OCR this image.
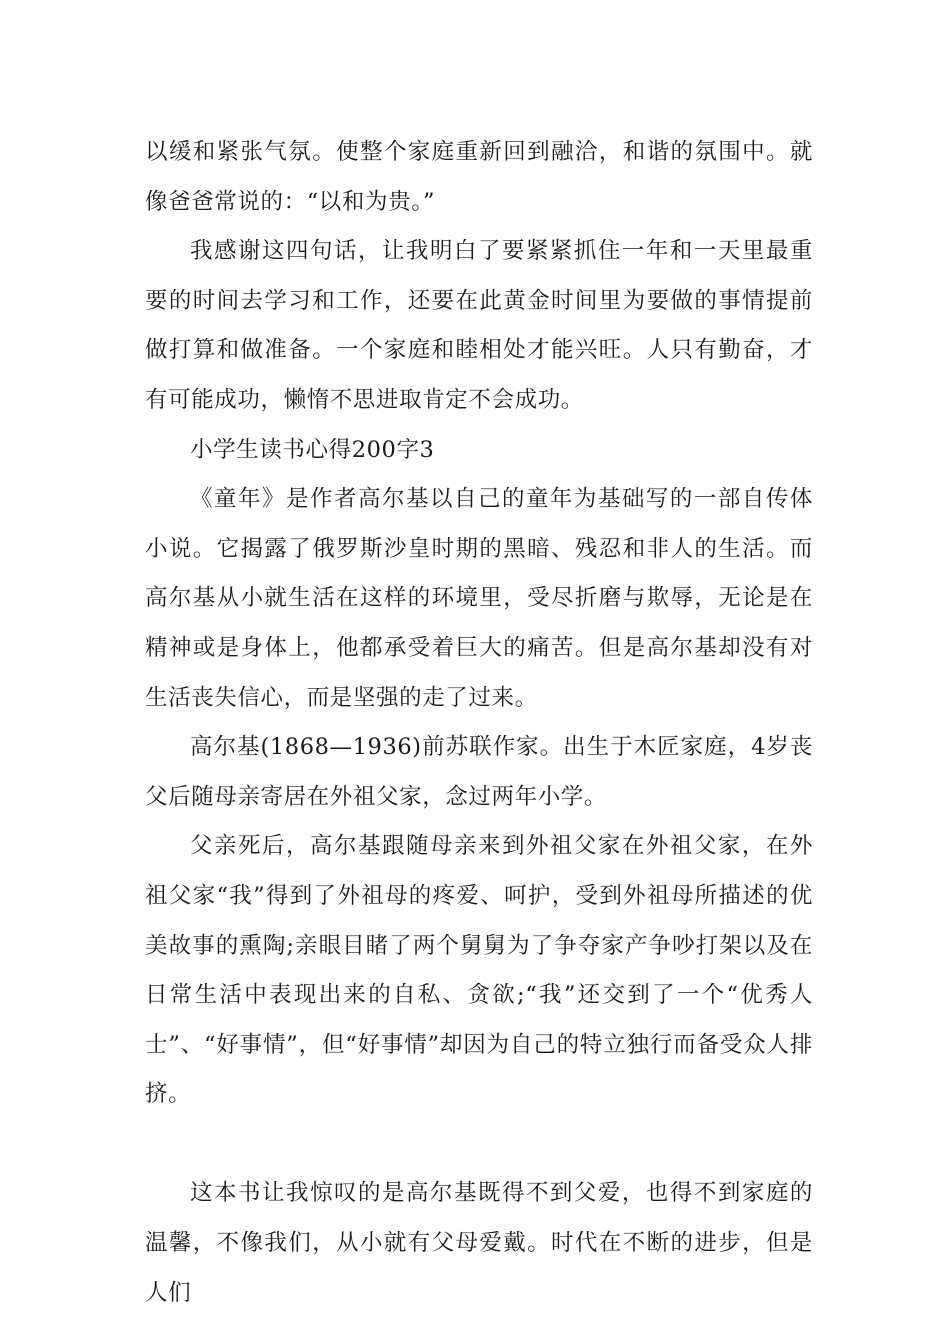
以缓和紧张气氛。使整个家庭重新回到融洽，和谐的氛围中。就像爸爸常说的：“以和为贵。”

我感谢这四句话，让我明白了要紧紧抓住一年和一天里最重要的时间去学习和工作，还要在此黄金时间里为要做的事情提前做打算和做准备。一个家庭和睦相处才能兴旺。人只有勤奋，才有可能成功，懒惰不思进取肯定不会成功。

小学生读书心得200字3

《童年》是作者高尔基以自己的童年为基础写的一部自传体小说。它揭露了俄罗斯沙皇时期的黑暗、残忍和非人的生活。而高尔基从小就生活在这样的环境里，受尽折磨与欺辱，无论是在精神或是身体上，他都承受着巨大的痛苦。但是高尔基却没有对生活丧失信心，而是坚强的走了过来。

高尔基(1868—1936)前苏联作家。出生于木匠家庭，4岁丧父后随母亲寄居在外祖父家，念过两年小学。

父亲死后，高尔基跟随母亲来到外祖父家在外祖父家，在外祖父家“我”得到了外祖母的疼爱、呵护，受到外祖母所描述的优美故事的熏陶;亲眼目睹了两个舅舅为了争夺家产争吵打架以及在日常生活中表现出来的自私、贪欲;“我”还交到了一个“优秀人士”、“好事情”，但“好事情”却因为自己的特立独行而备受众人排挤。

这本书让我惊叹的是高尔基既得不到父爱，也得不到家庭的温馨，不像我们，从小就有父母爱戴。时代在不断的进步，但是人们
